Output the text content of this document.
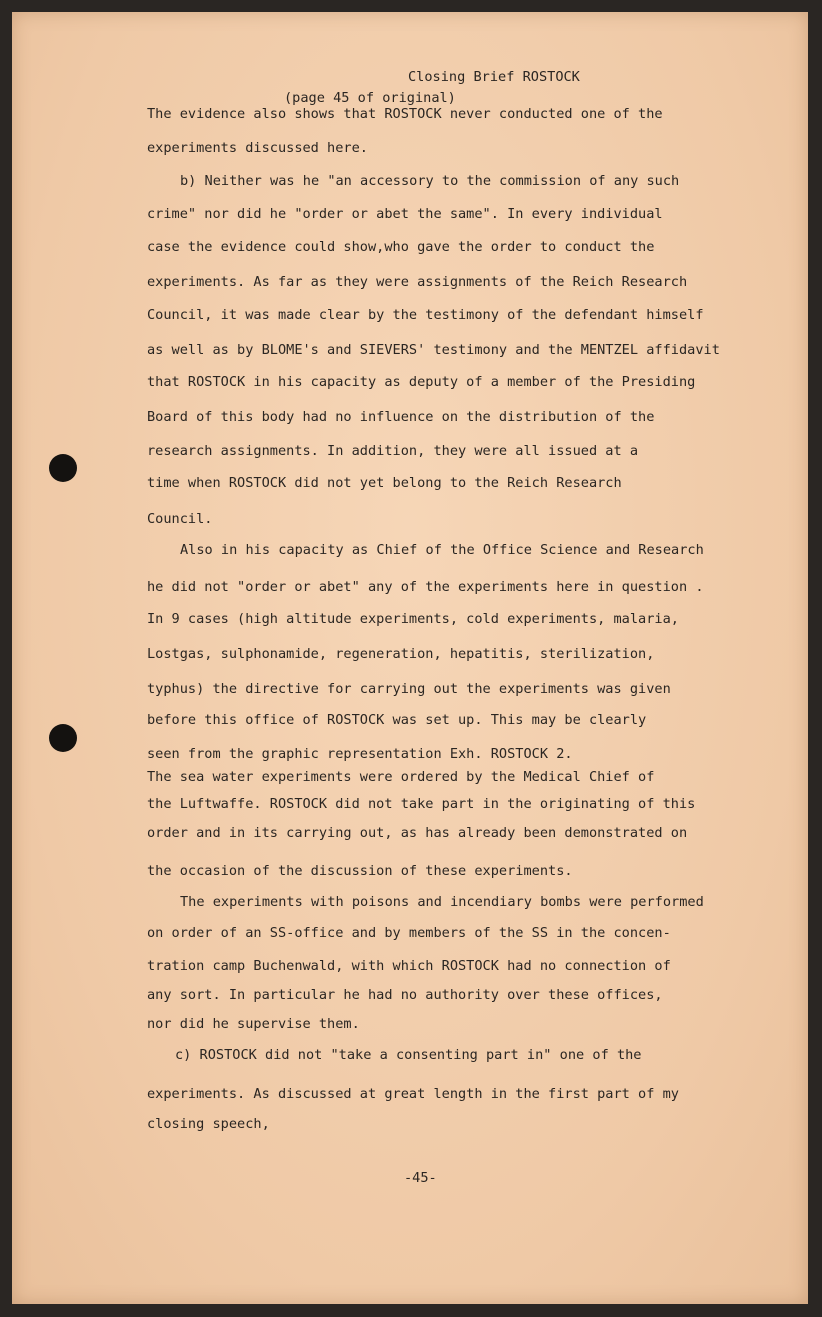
Closing Brief ROSTOCK

(page 45 of original)

The evidence also shows that ROSTOCK never conducted one of the

experiments discussed here.

b) Neither was he "an accessory to the commission of any such

crime" nor did he "order or abet the same". In every individual

case the evidence could show,who gave the order to conduct the

experiments. As far as they were assignments of the Reich Research

Council, it was made clear by the testimony of the defendant himself

as well as by BLOME's and SIEVERS' testimony and the MENTZEL affidavit

that ROSTOCK in his capacity as deputy of a member of the Presiding

Board of this body had no influence on the distribution of the

research assignments. In addition, they were all issued at a

time when ROSTOCK did not yet belong to the Reich Research

Council.

Also in his capacity as Chief of the Office Science and Research

he did not "order or abet" any of the experiments here in question .

In 9 cases (high altitude experiments, cold experiments, malaria,

Lostgas, sulphonamide, regeneration, hepatitis, sterilization,

typhus) the directive for carrying out the experiments was given

before this office of ROSTOCK was set up. This may be clearly

seen from the graphic representation Exh. ROSTOCK 2.

The sea water experiments were ordered by the Medical Chief of

the Luftwaffe. ROSTOCK did not take part in the originating of this

order and in its carrying out, as has already been demonstrated on

the occasion of the discussion of these experiments.

The experiments with poisons and incendiary bombs were performed

on order of an SS-office and by members of the SS in the concen-

tration camp Buchenwald, with which ROSTOCK had no connection of

any sort. In particular he had no authority over these offices,

nor did he supervise them.

c) ROSTOCK did not "take a consenting part in" one of the

experiments. As discussed at great length in the first part of my

closing speech,

-45-
